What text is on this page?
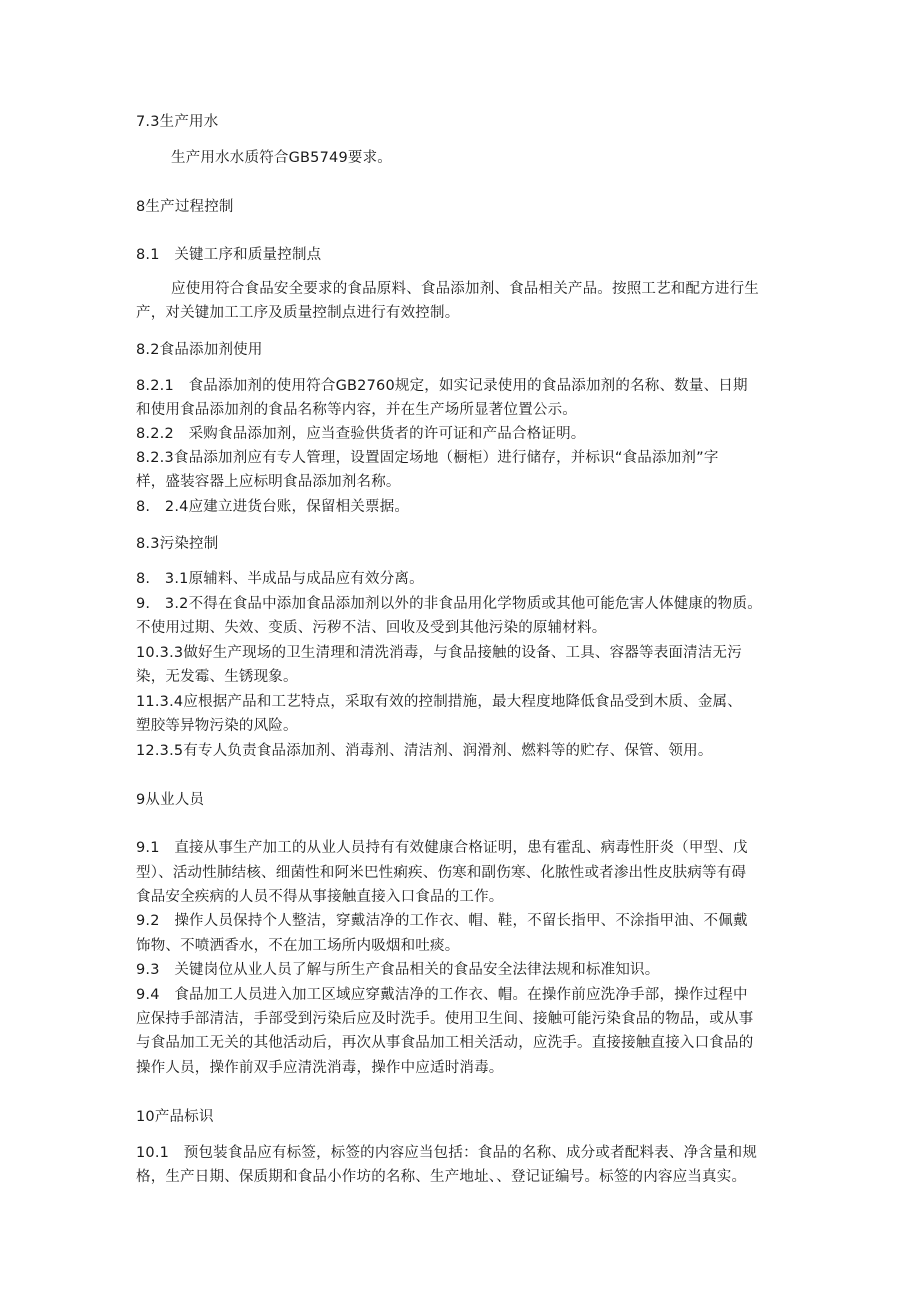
7.3生产用水

生产用水水质符合GB5749要求。

8生产过程控制

8.1　关键工序和质量控制点

应使用符合食品安全要求的食品原料、食品添加剂、食品相关产品。按照工艺和配方进行生

产，对关键加工工序及质量控制点进行有效控制。

8.2食品添加剂使用

8.2.1　食品添加剂的使用符合GB2760规定，如实记录使用的食品添加剂的名称、数量、日期

和使用食品添加剂的食品名称等内容，并在生产场所显著位置公示。

8.2.2　采购食品添加剂，应当查验供货者的许可证和产品合格证明。

8.2.3食品添加剂应有专人管理，设置固定场地（橱柜）进行储存，并标识“食品添加剂”字

样，盛装容器上应标明食品添加剂名称。

8.　2.4应建立进货台账，保留相关票据。

8.3污染控制

8.　3.1原辅料、半成品与成品应有效分离。

9.　3.2不得在食品中添加食品添加剂以外的非食品用化学物质或其他可能危害人体健康的物质。

不使用过期、失效、变质、污秽不洁、回收及受到其他污染的原辅材料。

10.3.3做好生产现场的卫生清理和清洗消毒，与食品接触的设备、工具、容器等表面清洁无污

染，无发霉、生锈现象。

11.3.4应根据产品和工艺特点，采取有效的控制措施，最大程度地降低食品受到木质、金属、

塑胶等异物污染的风险。

12.3.5有专人负责食品添加剂、消毒剂、清洁剂、润滑剂、燃料等的贮存、保管、领用。

9从业人员

9.1　直接从事生产加工的从业人员持有有效健康合格证明，患有霍乱、病毒性肝炎（甲型、戊

型）、活动性肺结核、细菌性和阿米巴性痢疾、伤寒和副伤寒、化脓性或者渗出性皮肤病等有碍

食品安全疾病的人员不得从事接触直接入口食品的工作。

9.2　操作人员保持个人整洁，穿戴洁净的工作衣、帽、鞋，不留长指甲、不涂指甲油、不佩戴

饰物、不喷洒香水，不在加工场所内吸烟和吐痰。

9.3　关键岗位从业人员了解与所生产食品相关的食品安全法律法规和标准知识。

9.4　食品加工人员进入加工区域应穿戴洁净的工作衣、帽。在操作前应洗净手部，操作过程中

应保持手部清洁，手部受到污染后应及时洗手。使用卫生间、接触可能污染食品的物品，或从事

与食品加工无关的其他活动后，再次从事食品加工相关活动，应洗手。直接接触直接入口食品的

操作人员，操作前双手应清洗消毒，操作中应适时消毒。

10产品标识

10.1　预包装食品应有标签，标签的内容应当包括：食品的名称、成分或者配料表、净含量和规

格，生产日期、保质期和食品小作坊的名称、生产地址、、登记证编号。标签的内容应当真实。
